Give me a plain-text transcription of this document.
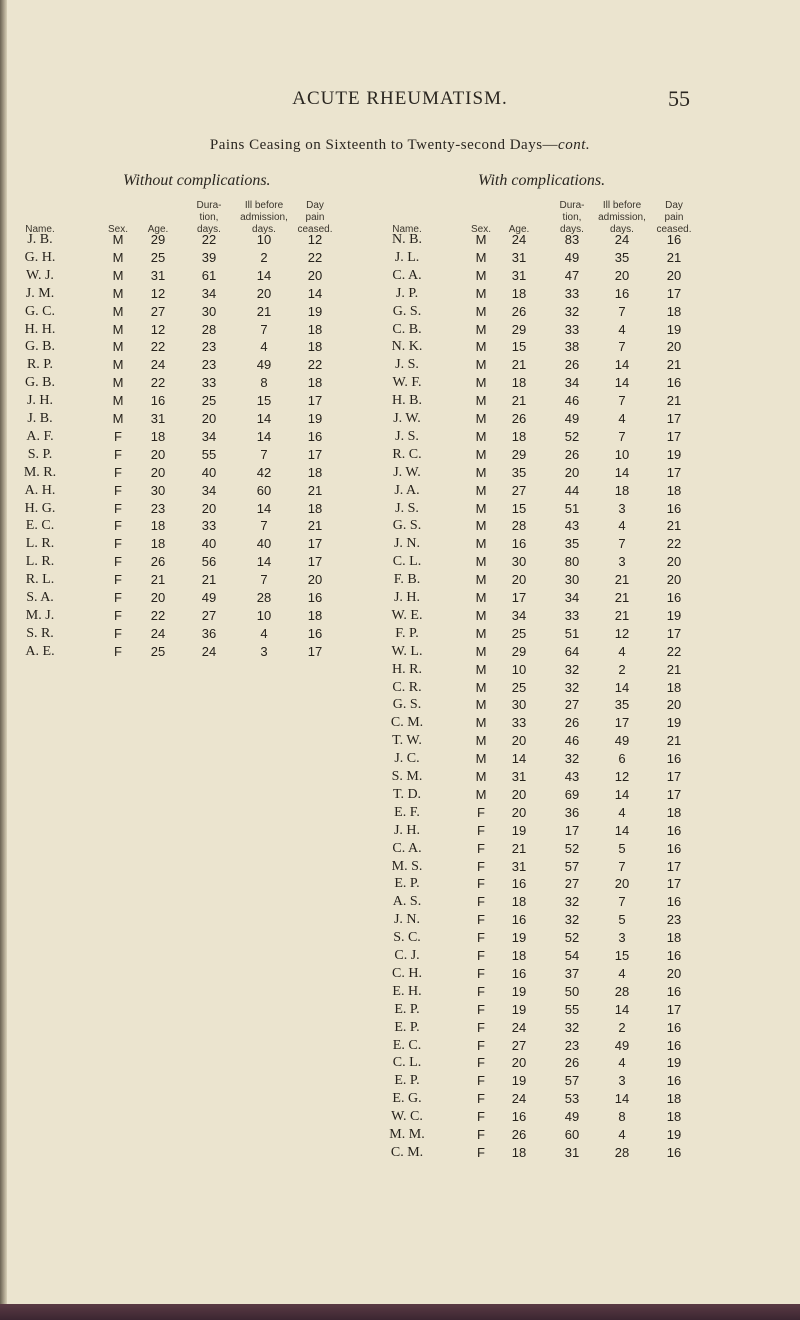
ACUTE RHEUMATISM.	55
Pains Ceasing on Sixteenth to Twenty-second Days—cont.
Without complications.	With complications.
Name.	Sex. Age.
Dura-
tion,
days.
Ill before
admission,
days.
Day
pain
ceased.
J. B.	M 29	22	10	12
G. H.	M 25	39	2	22
W. J.	M 31	61	14	20
J. M.	M 12	34	20	14
G. C.	M 27	30	21	19
H. H.	M 12	28	7	18
G. B.	M 22	23	4	18
R. P.	M 24	23	49	22
G. B.	M 22	33	8	18
J. H.	M 16	25	15	17
J. B.	M 31	20	14	19
A. F.	F 18	34	14	16
S. P.	F 20	55	7	17
M. R.	F 20	40	42	18
A. H.	F 30	34	60	21
H. G.	F 23	20	14	18
E. C.	F 18	33	7	21
L. R.	F 18	40	40	17
L. R.	F 26	56	14	17
R. L.	F 21	21	7	20
S. A.	F 20	49	28	16
M. J.	F 22	27	10	18
S. R.	F 24	36	4	16
A. E.	F 25	24	3	17
Name.	Sex. Age.
Dura-
tion,
days.
Ill before
admission,
days.
Day
pain
ceased.
N. B.	M 24	83	24	16
J. L.	M 31	49	35	21
C. A.	M 31	47	20	20
J. P.	M 18	33	16	17
G. S.	M 26	32	7	18
C. B.	M 29	33	4	19
N. K.	M 15	38	7	20
J. S.	M 21	26	14	21
W. F.	M 18	34	14	16
H. B.	M 21	46	7	21
J. W.	M 26	49	4	17
J. S.	M 18	52	7	17
R. C.	M 29	26	10	19
J. W.	M 35	20	14	17
J. A.	M 27	44	18	18
J. S.	M 15	51	3	16
G. S.	M 28	43	4	21
J. N.	M 16	35	7	22
C. L.	M 30	80	3	20
F. B.	M 20	30	21	20
J. H.	M 17	34	21	16
W. E.	M 34	33	21	19
F. P.	M 25	51	12	17
W. L.	M 29	64	4	22
H. R.	M 10	32	2	21
C. R.	M 25	32	14	18
G. S.	M 30	27	35	20
C. M.	M 33	26	17	19
T. W.	M 20	46	49	21
J. C.	M 14	32	6	16
S. M.	M 31	43	12	17
T. D.	M 20	69	14	17
E. F.	F 20	36	4	18
J. H.	F 19	17	14	16
C. A.	F 21	52	5	16
M. S.	F 31	57	7	17
E. P.	F 16	27	20	17
A. S.	F 18	32	7	16
J. N.	F 16	32	5	23
S. C.	F 19	52	3	18
C. J.	F 18	54	15	16
C. H.	F 16	37	4	20
E. H.	F 19	50	28	16
E. P.	F 19	55	14	17
E. P.	F 24	32	2	16
E. C.	F 27	23	49	16
C. L.	F 20	26	4	19
E. P.	F 19	57	3	16
E. G.	F 24	53	14	18
W. C.	F 16	49	8	18
M. M.	F 26	60	4	19
C. M.	F 18	31	28	16
